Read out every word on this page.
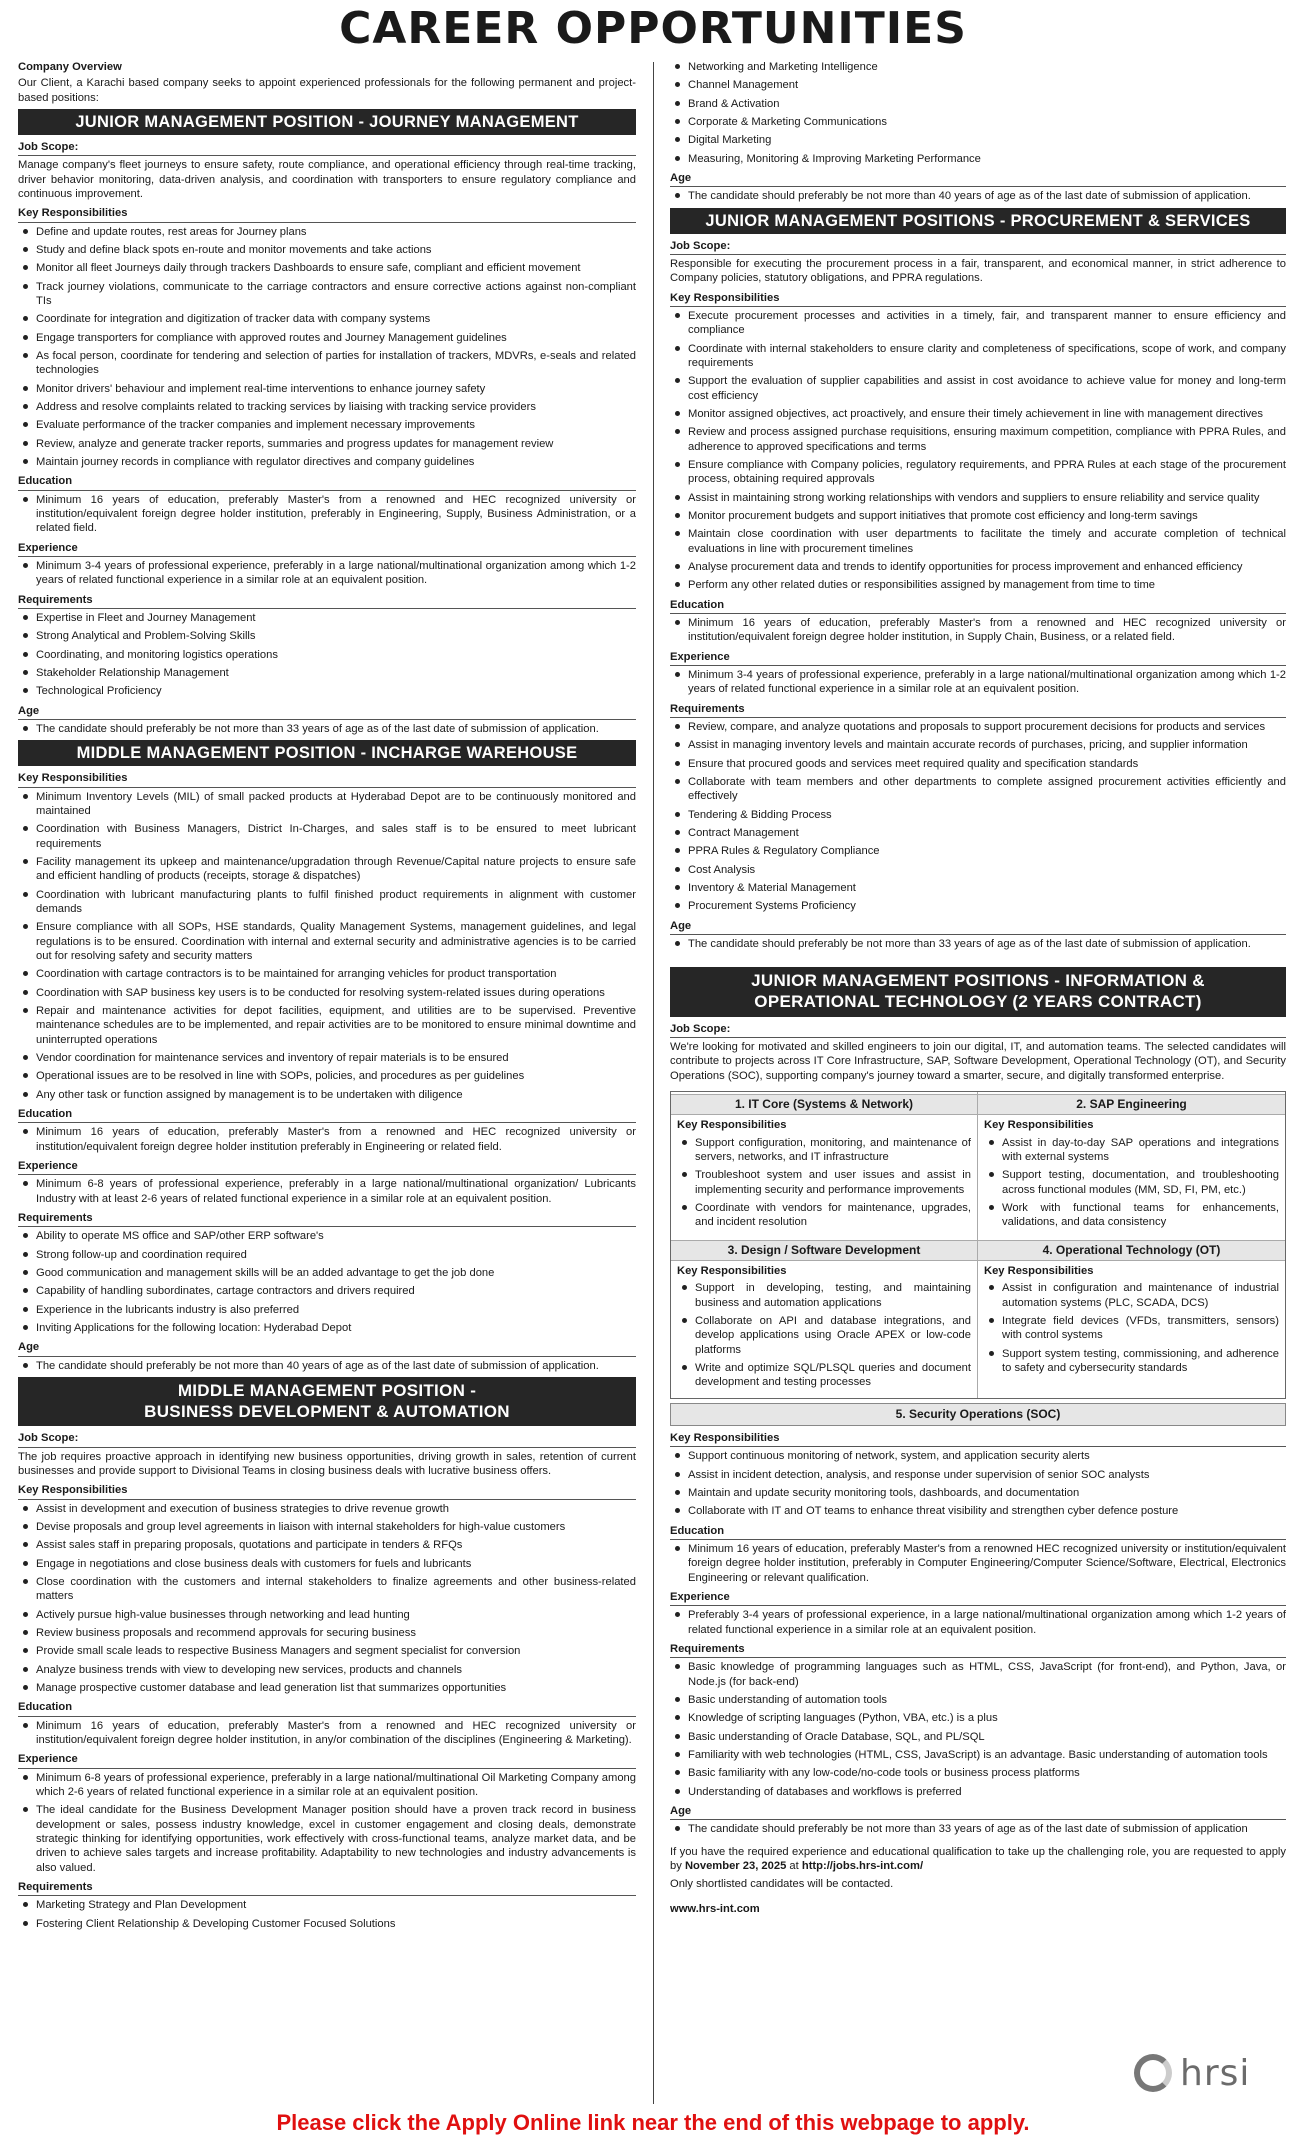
CAREER OPPORTUNITIES
Company Overview
Our Client, a Karachi based company seeks to appoint experienced professionals for the following permanent and project-based positions:
JUNIOR MANAGEMENT POSITION - JOURNEY MANAGEMENT
Job Scope:
Manage company's fleet journeys to ensure safety, route compliance, and operational efficiency through real-time tracking, driver behavior monitoring, data-driven analysis, and coordination with transporters to ensure regulatory compliance and continuous improvement.
Key Responsibilities
Define and update routes, rest areas for Journey plans
Study and define black spots en-route and monitor movements and take actions
Monitor all fleet Journeys daily through trackers Dashboards to ensure safe, compliant and efficient movement
Track journey violations, communicate to the carriage contractors and ensure corrective actions against non-compliant TIs
Coordinate for integration and digitization of tracker data with company systems
Engage transporters for compliance with approved routes and Journey Management guidelines
As focal person, coordinate for tendering and selection of parties for installation of trackers, MDVRs, e-seals and related technologies
Monitor drivers' behaviour and implement real-time interventions to enhance journey safety
Address and resolve complaints related to tracking services by liaising with tracking service providers
Evaluate performance of the tracker companies and implement necessary improvements
Review, analyze and generate tracker reports, summaries and progress updates for management review
Maintain journey records in compliance with regulator directives and company guidelines
Education
Minimum 16 years of education, preferably Master's from a renowned and HEC recognized university or institution/equivalent foreign degree holder institution, preferably in Engineering, Supply, Business Administration, or a related field.
Experience
Minimum 3-4 years of professional experience, preferably in a large national/multinational organization among which 1-2 years of related functional experience in a similar role at an equivalent position.
Requirements
Expertise in Fleet and Journey Management
Strong Analytical and Problem-Solving Skills
Coordinating, and monitoring logistics operations
Stakeholder Relationship Management
Technological Proficiency
Age
The candidate should preferably be not more than 33 years of age as of the last date of submission of application.
MIDDLE MANAGEMENT POSITION - INCHARGE WAREHOUSE
Key Responsibilities
Minimum Inventory Levels (MIL) of small packed products at Hyderabad Depot are to be continuously monitored and maintained
Coordination with Business Managers, District In-Charges, and sales staff is to be ensured to meet lubricant requirements
Facility management its upkeep and maintenance/upgradation through Revenue/Capital nature projects to ensure safe and efficient handling of products (receipts, storage & dispatches)
Coordination with lubricant manufacturing plants to fulfil finished product requirements in alignment with customer demands
Ensure compliance with all SOPs, HSE standards, Quality Management Systems, management guidelines, and legal regulations is to be ensured. Coordination with internal and external security and administrative agencies is to be carried out for resolving safety and security matters
Coordination with cartage contractors is to be maintained for arranging vehicles for product transportation
Coordination with SAP business key users is to be conducted for resolving system-related issues during operations
Repair and maintenance activities for depot facilities, equipment, and utilities are to be supervised. Preventive maintenance schedules are to be implemented, and repair activities are to be monitored to ensure minimal downtime and uninterrupted operations
Vendor coordination for maintenance services and inventory of repair materials is to be ensured
Operational issues are to be resolved in line with SOPs, policies, and procedures as per guidelines
Any other task or function assigned by management is to be undertaken with diligence
Education
Minimum 16 years of education, preferably Master's from a renowned and HEC recognized university or institution/equivalent foreign degree holder institution preferably in Engineering or related field.
Experience
Minimum 6-8 years of professional experience, preferably in a large national/multinational organization/ Lubricants Industry with at least 2-6 years of related functional experience in a similar role at an equivalent position.
Requirements
Ability to operate MS office and SAP/other ERP software's
Strong follow-up and coordination required
Good communication and management skills will be an added advantage to get the job done
Capability of handling subordinates, cartage contractors and drivers required
Experience in the lubricants industry is also preferred
Inviting Applications for the following location: Hyderabad Depot
Age
The candidate should preferably be not more than 40 years of age as of the last date of submission of application.
MIDDLE MANAGEMENT POSITION -
BUSINESS DEVELOPMENT & AUTOMATION
Job Scope:
The job requires proactive approach in identifying new business opportunities, driving growth in sales, retention of current businesses and provide support to Divisional Teams in closing business deals with lucrative business offers.
Key Responsibilities
Assist in development and execution of business strategies to drive revenue growth
Devise proposals and group level agreements in liaison with internal stakeholders for high-value customers
Assist sales staff in preparing proposals, quotations and participate in tenders & RFQs
Engage in negotiations and close business deals with customers for fuels and lubricants
Close coordination with the customers and internal stakeholders to finalize agreements and other business-related matters
Actively pursue high-value businesses through networking and lead hunting
Review business proposals and recommend approvals for securing business
Provide small scale leads to respective Business Managers and segment specialist for conversion
Analyze business trends with view to developing new services, products and channels
Manage prospective customer database and lead generation list that summarizes opportunities
Education
Minimum 16 years of education, preferably Master's from a renowned and HEC recognized university or institution/equivalent foreign degree holder institution, in any/or combination of the disciplines (Engineering & Marketing).
Experience
Minimum 6-8 years of professional experience, preferably in a large national/multinational Oil Marketing Company among which 2-6 years of related functional experience in a similar role at an equivalent position.
The ideal candidate for the Business Development Manager position should have a proven track record in business development or sales, possess industry knowledge, excel in customer engagement and closing deals, demonstrate strategic thinking for identifying opportunities, work effectively with cross-functional teams, analyze market data, and be driven to achieve sales targets and increase profitability. Adaptability to new technologies and industry advancements is also valued.
Requirements
Marketing Strategy and Plan Development
Fostering Client Relationship & Developing Customer Focused Solutions
Networking and Marketing Intelligence
Channel Management
Brand & Activation
Corporate & Marketing Communications
Digital Marketing
Measuring, Monitoring & Improving Marketing Performance
Age
The candidate should preferably be not more than 40 years of age as of the last date of submission of application.
JUNIOR MANAGEMENT POSITIONS - PROCUREMENT & SERVICES
Job Scope:
Responsible for executing the procurement process in a fair, transparent, and economical manner, in strict adherence to Company policies, statutory obligations, and PPRA regulations.
Key Responsibilities
Execute procurement processes and activities in a timely, fair, and transparent manner to ensure efficiency and compliance
Coordinate with internal stakeholders to ensure clarity and completeness of specifications, scope of work, and company requirements
Support the evaluation of supplier capabilities and assist in cost avoidance to achieve value for money and long-term cost efficiency
Monitor assigned objectives, act proactively, and ensure their timely achievement in line with management directives
Review and process assigned purchase requisitions, ensuring maximum competition, compliance with PPRA Rules, and adherence to approved specifications and terms
Ensure compliance with Company policies, regulatory requirements, and PPRA Rules at each stage of the procurement process, obtaining required approvals
Assist in maintaining strong working relationships with vendors and suppliers to ensure reliability and service quality
Monitor procurement budgets and support initiatives that promote cost efficiency and long-term savings
Maintain close coordination with user departments to facilitate the timely and accurate completion of technical evaluations in line with procurement timelines
Analyse procurement data and trends to identify opportunities for process improvement and enhanced efficiency
Perform any other related duties or responsibilities assigned by management from time to time
Education
Minimum 16 years of education, preferably Master's from a renowned and HEC recognized university or institution/equivalent foreign degree holder institution, in Supply Chain, Business, or a related field.
Experience
Minimum 3-4 years of professional experience, preferably in a large national/multinational organization among which 1-2 years of related functional experience in a similar role at an equivalent position.
Requirements
Review, compare, and analyze quotations and proposals to support procurement decisions for products and services
Assist in managing inventory levels and maintain accurate records of purchases, pricing, and supplier information
Ensure that procured goods and services meet required quality and specification standards
Collaborate with team members and other departments to complete assigned procurement activities efficiently and effectively
Tendering & Bidding Process
Contract Management
PPRA Rules & Regulatory Compliance
Cost Analysis
Inventory & Material Management
Procurement Systems Proficiency
Age
The candidate should preferably be not more than 33 years of age as of the last date of submission of application.
JUNIOR MANAGEMENT POSITIONS - INFORMATION &
OPERATIONAL TECHNOLOGY (2 YEARS CONTRACT)
Job Scope:
We're looking for motivated and skilled engineers to join our digital, IT, and automation teams. The selected candidates will contribute to projects across IT Core Infrastructure, SAP, Software Development, Operational Technology (OT), and Security Operations (SOC), supporting company's journey toward a smarter, secure, and digitally transformed enterprise.
1. IT Core (Systems & Network)
Key Responsibilities
Support configuration, monitoring, and maintenance of servers, networks, and IT infrastructure
Troubleshoot system and user issues and assist in implementing security and performance improvements
Coordinate with vendors for maintenance, upgrades, and incident resolution
2. SAP Engineering
Key Responsibilities
Assist in day-to-day SAP operations and integrations with external systems
Support testing, documentation, and troubleshooting across functional modules (MM, SD, FI, PM, etc.)
Work with functional teams for enhancements, validations, and data consistency
3. Design / Software Development
Key Responsibilities
Support in developing, testing, and maintaining business and automation applications
Collaborate on API and database integrations, and develop applications using Oracle APEX or low-code platforms
Write and optimize SQL/PLSQL queries and document development and testing processes
4. Operational Technology (OT)
Key Responsibilities
Assist in configuration and maintenance of industrial automation systems (PLC, SCADA, DCS)
Integrate field devices (VFDs, transmitters, sensors) with control systems
Support system testing, commissioning, and adherence to safety and cybersecurity standards
5. Security Operations (SOC)
Key Responsibilities
Support continuous monitoring of network, system, and application security alerts
Assist in incident detection, analysis, and response under supervision of senior SOC analysts
Maintain and update security monitoring tools, dashboards, and documentation
Collaborate with IT and OT teams to enhance threat visibility and strengthen cyber defence posture
Education
Minimum 16 years of education, preferably Master's from a renowned HEC recognized university or institution/equivalent foreign degree holder institution, preferably in Computer Engineering/Computer Science/Software, Electrical, Electronics Engineering or relevant qualification.
Experience
Preferably 3-4 years of professional experience, in a large national/multinational organization among which 1-2 years of related functional experience in a similar role at an equivalent position.
Requirements
Basic knowledge of programming languages such as HTML, CSS, JavaScript (for front-end), and Python, Java, or Node.js (for back-end)
Basic understanding of automation tools
Knowledge of scripting languages (Python, VBA, etc.) is a plus
Basic understanding of Oracle Database, SQL, and PL/SQL
Familiarity with web technologies (HTML, CSS, JavaScript) is an advantage. Basic understanding of automation tools
Basic familiarity with any low-code/no-code tools or business process platforms
Understanding of databases and workflows is preferred
Age
The candidate should preferably be not more than 33 years of age as of the last date of submission of application
If you have the required experience and educational qualification to take up the challenging role, you are requested to apply by November 23, 2025 at http://jobs.hrs-int.com/
Only shortlisted candidates will be contacted.
www.hrs-int.com
hrsi
Please click the Apply Online link near the end of this webpage to apply.
